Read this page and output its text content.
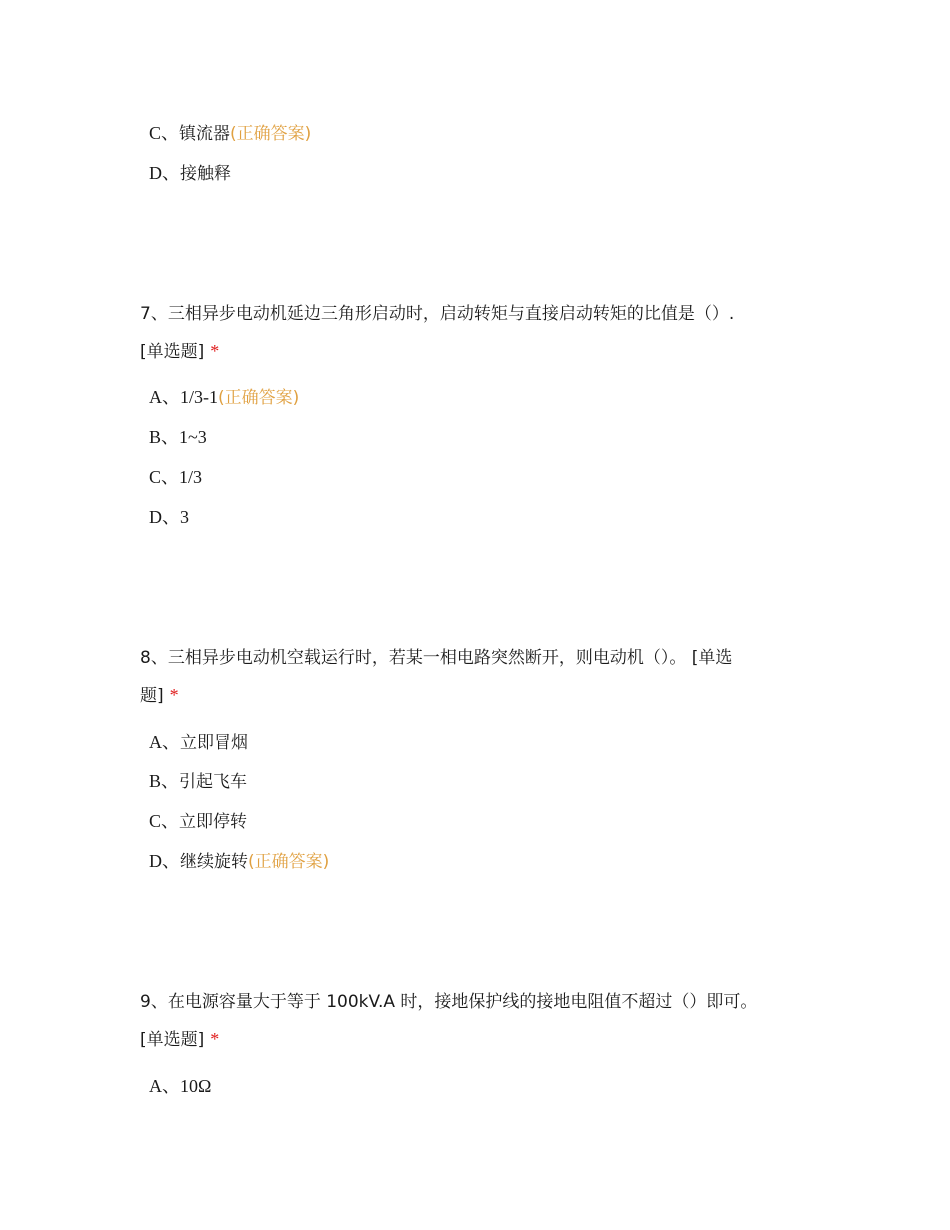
C、镇流器(正确答案)
D、接触释
7、三相异步电动机延边三角形启动时，启动转矩与直接启动转矩的比值是（）.
[单选题] *
A、1/3-1(正确答案)
B、1~3
C、1/3
D、3
8、三相异步电动机空载运行时，若某一相电路突然断开，则电动机（）。 [单选
题] *
A、立即冒烟
B、引起飞车
C、立即停转
D、继续旋转(正确答案)
9、在电源容量大于等于 100kV.A 时，接地保护线的接地电阻值不超过（）即可。
[单选题] *
A、10Ω
